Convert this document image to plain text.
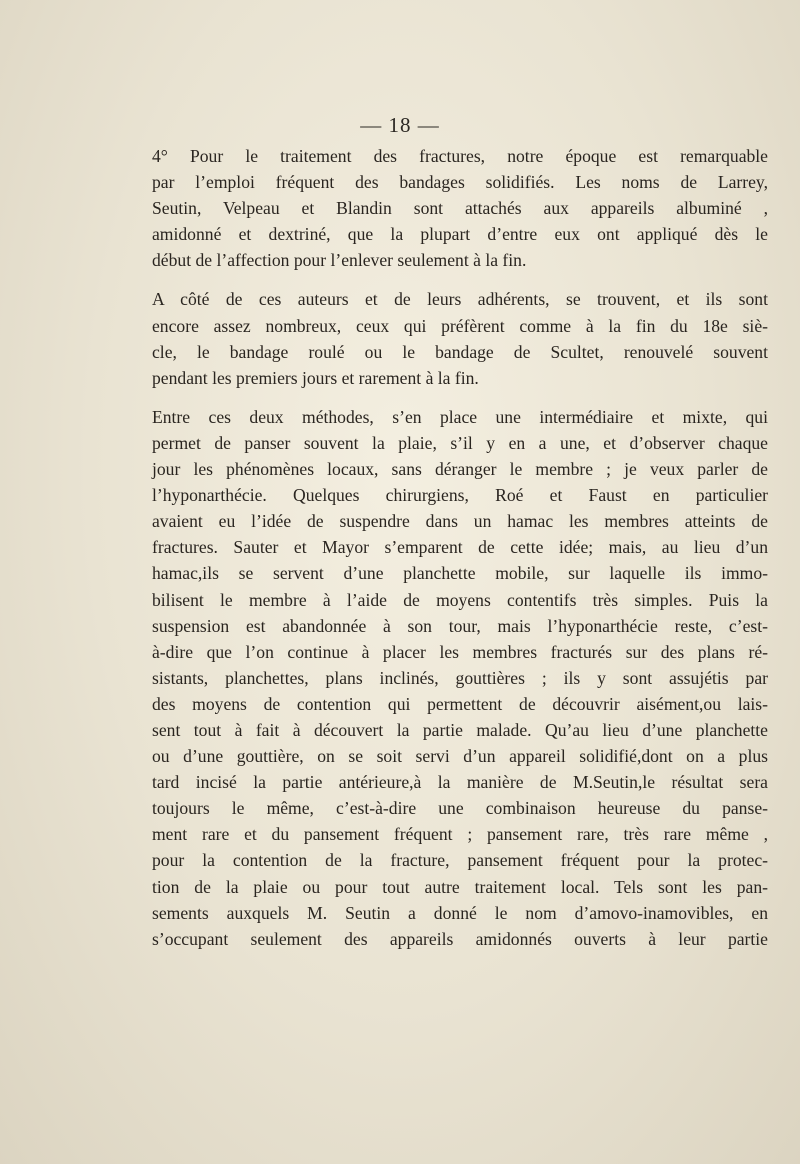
— 18 —
4° Pour le traitement des fractures, notre époque est remarquable
par l’emploi fréquent des bandages solidifiés. Les noms de Larrey,
Seutin, Velpeau et Blandin sont attachés aux appareils albuminé ,
amidonné et dextriné, que la plupart d’entre eux ont appliqué dès le
début de l’affection pour l’enlever seulement à la fin.
A côté de ces auteurs et de leurs adhérents, se trouvent, et ils sont
encore assez nombreux, ceux qui préfèrent comme à la fin du 18e siè-
cle, le bandage roulé ou le bandage de Scultet, renouvelé souvent
pendant les premiers jours et rarement à la fin.
Entre ces deux méthodes, s’en place une intermédiaire et mixte, qui
permet de panser souvent la plaie, s’il y en a une, et d’observer chaque
jour les phénomènes locaux, sans déranger le membre ; je veux parler de
l’hyponarthécie. Quelques chirurgiens, Roé et Faust en particulier
avaient eu l’idée de suspendre dans un hamac les membres atteints de
fractures. Sauter et Mayor s’emparent de cette idée; mais, au lieu d’un
hamac,ils se servent d’une planchette mobile, sur laquelle ils immo-
bilisent le membre à l’aide de moyens contentifs très simples. Puis la
suspension est abandonnée à son tour, mais l’hyponarthécie reste, c’est-
à-dire que l’on continue à placer les membres fracturés sur des plans ré-
sistants, planchettes, plans inclinés, gouttières ; ils y sont assujétis par
des moyens de contention qui permettent de découvrir aisément,ou lais-
sent tout à fait à découvert la partie malade. Qu’au lieu d’une planchette
ou d’une gouttière, on se soit servi d’un appareil solidifié,dont on a plus
tard incisé la partie antérieure,à la manière de M.Seutin,le résultat sera
toujours le même, c’est-à-dire une combinaison heureuse du panse-
ment rare et du pansement fréquent ; pansement rare, très rare même ,
pour la contention de la fracture, pansement fréquent pour la protec-
tion de la plaie ou pour tout autre traitement local. Tels sont les pan-
sements auxquels M. Seutin a donné le nom d’amovo-inamovibles, en
s’occupant seulement des appareils amidonnés ouverts à leur partie
